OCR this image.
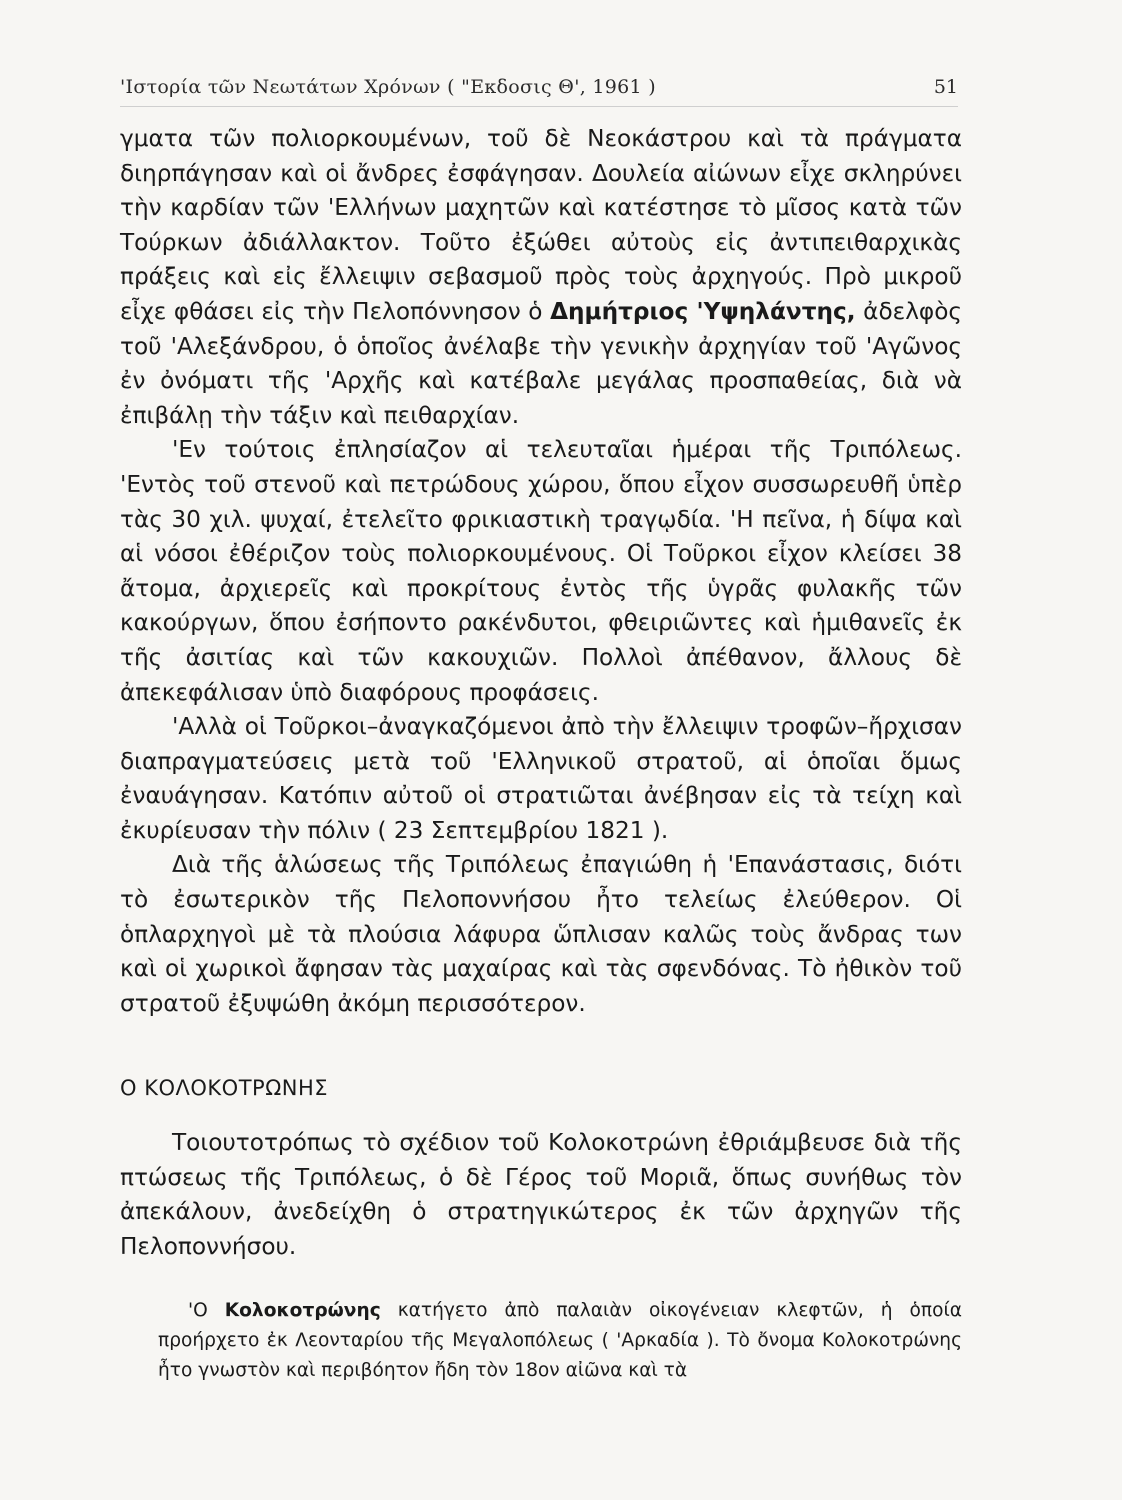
'Ιστορία τῶν Νεωτάτων Χρόνων ( "Εκδοσις Θ', 1961 )	51

γματα τῶν πολιορκουμένων, τοῦ δὲ Νεοκάστρου καὶ τὰ πράγματα διηρπάγησαν καὶ οἱ ἄνδρες ἐσφάγησαν. Δουλεία αἰώνων εἶχε σκληρύνει τὴν καρδίαν τῶν 'Ελλήνων μαχητῶν καὶ κατέστησε τὸ μῖσος κατὰ τῶν Τούρκων ἀδιάλλακτον. Τοῦτο ἐξώθει αὐτοὺς εἰς ἀντιπειθαρχικὰς πράξεις καὶ εἰς ἔλλειψιν σεβασμοῦ πρὸς τοὺς ἀρχηγούς. Πρὸ μικροῦ εἶχε φθάσει εἰς τὴν Πελοπόννησον ὁ Δημήτριος 'Υψηλάντης, ἀδελφὸς τοῦ 'Αλεξάνδρου, ὁ ὁποῖος ἀνέλαβε τὴν γενικὴν ἀρχηγίαν τοῦ 'Αγῶνος ἐν ὀνόματι τῆς 'Αρχῆς καὶ κατέβαλε μεγάλας προσπαθείας, διὰ νὰ ἐπιβάλῃ τὴν τάξιν καὶ πειθαρχίαν.

'Εν τούτοις ἐπλησίαζον αἱ τελευταῖαι ἡμέραι τῆς Τριπόλεως. 'Εντὸς τοῦ στενοῦ καὶ πετρώδους χώρου, ὅπου εἶχον συσσωρευθῆ ὑπὲρ τὰς 30 χιλ. ψυχαί, ἐτελεῖτο φρικιαστικὴ τραγῳδία. 'Η πεῖνα, ἡ δίψα καὶ αἱ νόσοι ἐθέριζον τοὺς πολιορκουμένους. Οἱ Τοῦρκοι εἶχον κλείσει 38 ἄτομα, ἀρχιερεῖς καὶ προκρίτους ἐντὸς τῆς ὑγρᾶς φυλακῆς τῶν κακούργων, ὅπου ἐσήποντο ρακένδυτοι, φθειριῶντες καὶ ἡμιθανεῖς ἐκ τῆς ἀσιτίας καὶ τῶν κακουχιῶν. Πολλοὶ ἀπέθανον, ἄλλους δὲ ἀπεκεφάλισαν ὑπὸ διαφόρους προφάσεις.

'Αλλὰ οἱ Τοῦρκοι–ἀναγκαζόμενοι ἀπὸ τὴν ἔλλειψιν τροφῶν–ἤρχισαν διαπραγματεύσεις μετὰ τοῦ 'Ελληνικοῦ στρατοῦ, αἱ ὁποῖαι ὅμως ἐναυάγησαν. Κατόπιν αὐτοῦ οἱ στρατιῶται ἀνέβησαν εἰς τὰ τείχη καὶ ἐκυρίευσαν τὴν πόλιν ( 23 Σεπτεμβρίου 1821 ).

Διὰ τῆς ἁλώσεως τῆς Τριπόλεως ἐπαγιώθη ἡ 'Επανάστασις, διότι τὸ ἐσωτερικὸν τῆς Πελοποννήσου ἦτο τελείως ἐλεύθερον. Οἱ ὁπλαρχηγοὶ μὲ τὰ πλούσια λάφυρα ὥπλισαν καλῶς τοὺς ἄνδρας των καὶ οἱ χωρικοὶ ἄφησαν τὰς μαχαίρας καὶ τὰς σφενδόνας. Τὸ ἠθικὸν τοῦ στρατοῦ ἐξυψώθη ἀκόμη περισσότερον.

Ο ΚΟΛΟΚΟΤΡΩΝΗΣ

Τοιουτοτρόπως τὸ σχέδιον τοῦ Κολοκοτρώνη ἐθριάμβευσε διὰ τῆς πτώσεως τῆς Τριπόλεως, ὁ δὲ Γέρος τοῦ Μοριᾶ, ὅπως συνήθως τὸν ἀπεκάλουν, ἀνεδείχθη ὁ στρατηγικώτερος ἐκ τῶν ἀρχηγῶν τῆς Πελοποννήσου.

'Ο Κολοκοτρώνης κατήγετο ἀπὸ παλαιὰν οἰκογένειαν κλεφτῶν, ἡ ὁποία προήρχετο ἐκ Λεονταρίου τῆς Μεγαλοπόλεως ( 'Αρκαδία ). Τὸ ὄνομα Κολοκοτρώνης ἦτο γνωστὸν καὶ περιβόητον ἤδη τὸν 18ον αἰῶνα καὶ τὰ
